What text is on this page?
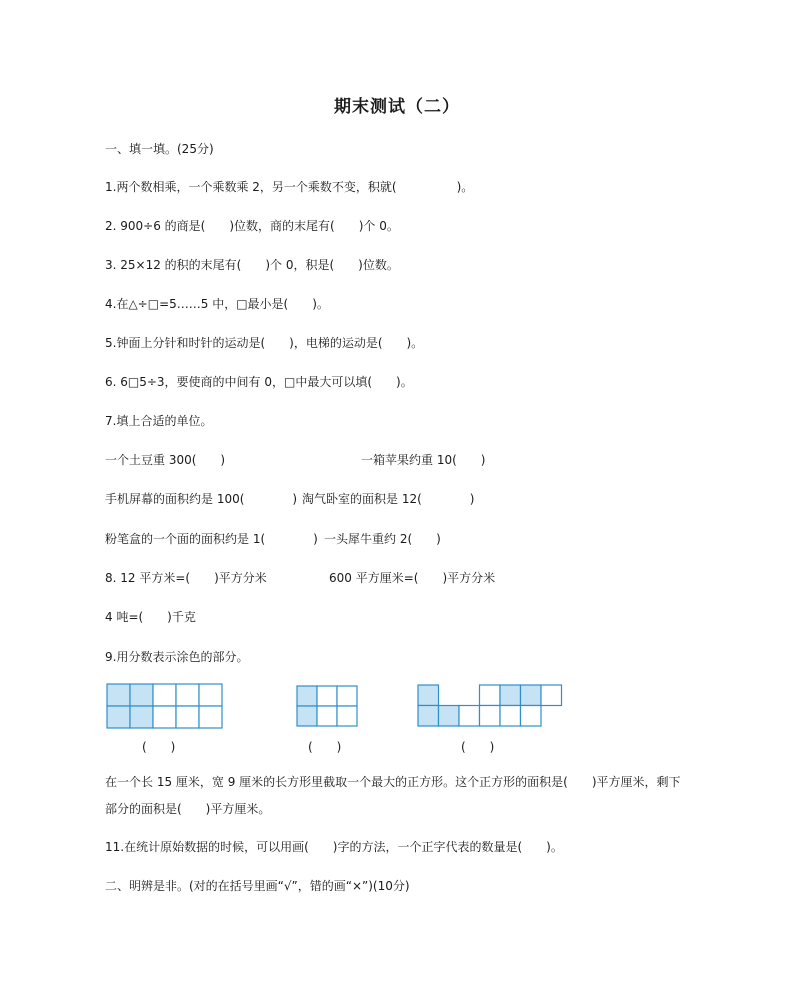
期末测试（二）
一、填一填。(25分)
1.两个数相乘，一个乘数乘 2，另一个乘数不变，积就(　　　　　)。
2. 900÷6 的商是(　　)位数，商的末尾有(　　)个 0。
3. 25×12 的积的末尾有(　　)个 0，积是(　　)位数。
4.在△÷□=5……5 中，□最小是(　　)。
5.钟面上分针和时针的运动是(　　)，电梯的运动是(　　)。
6. 6□5÷3，要使商的中间有 0，□中最大可以填(　　)。
7.填上合适的单位。
一个土豆重 300(　　)	一箱苹果约重 10(　　)
手机屏幕的面积约是 100(　　　　) 淘气卧室的面积是 12(　　　　)
粉笔盒的一个面的面积约是 1(　　　　) 一头犀牛重约 2(　　)
8. 12 平方米=(　　)平方分米	600 平方厘米=(　　)平方分米
4 吨=(　　)千克
9.用分数表示涂色的部分。
(　　)	(　　)	(　　)
在一个长 15 厘米，宽 9 厘米的长方形里截取一个最大的正方形。这个正方形的面积是(　　)平方厘米，剩下
部分的面积是(　　)平方厘米。
11.在统计原始数据的时候，可以用画(　　)字的方法，一个正字代表的数量是(　　)。
二、明辨是非。(对的在括号里画“√”，错的画“×”)(10分)
